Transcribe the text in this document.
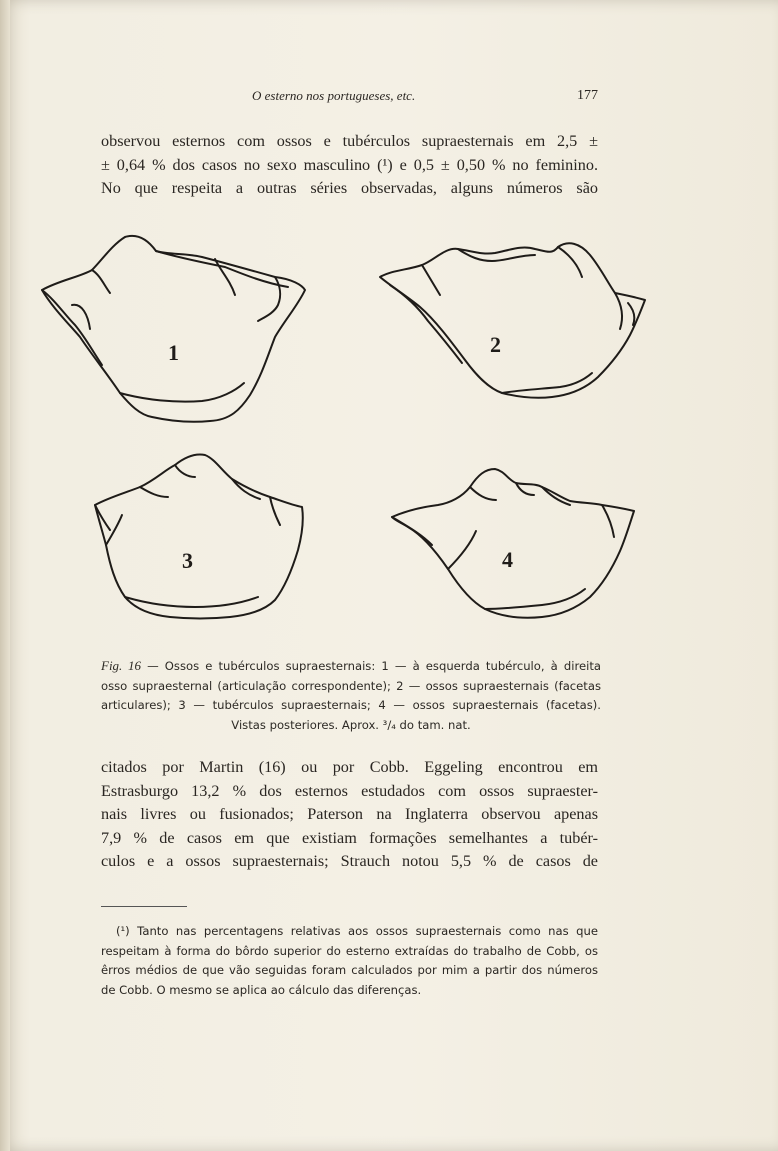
O esterno nos portugueses, etc.	177
observou esternos com ossos e tubérculos supraesternais em 2,5 ±
± 0,64 % dos casos no sexo masculino (¹) e 0,5 ± 0,50 % no feminino.
No que respeita a outras séries observadas, alguns números são
1	2
3	4
Fig. 16 — Ossos e tubérculos supraesternais: 1 — à esquerda tubérculo, à direita
osso supraesternal (articulação correspondente); 2 — ossos supraesternais (facetas
articulares); 3 — tubérculos supraesternais; 4 — ossos supraesternais (facetas).
Vistas posteriores. Aprox. ³/₄ do tam. nat.
citados por Martin (16) ou por Cobb. Eggeling encontrou em
Estrasburgo 13,2 % dos esternos estudados com ossos supraester-
nais livres ou fusionados; Paterson na Inglaterra observou apenas
7,9 % de casos em que existiam formações semelhantes a tubér-
culos e a ossos supraesternais; Strauch notou 5,5 % de casos de
(¹) Tanto nas percentagens relativas aos ossos supraesternais como nas que
respeitam à forma do bôrdo superior do esterno extraídas do trabalho de Cobb, os
êrros médios de que vão seguidas foram calculados por mim a partir dos números
de Cobb. O mesmo se aplica ao cálculo das diferenças.
